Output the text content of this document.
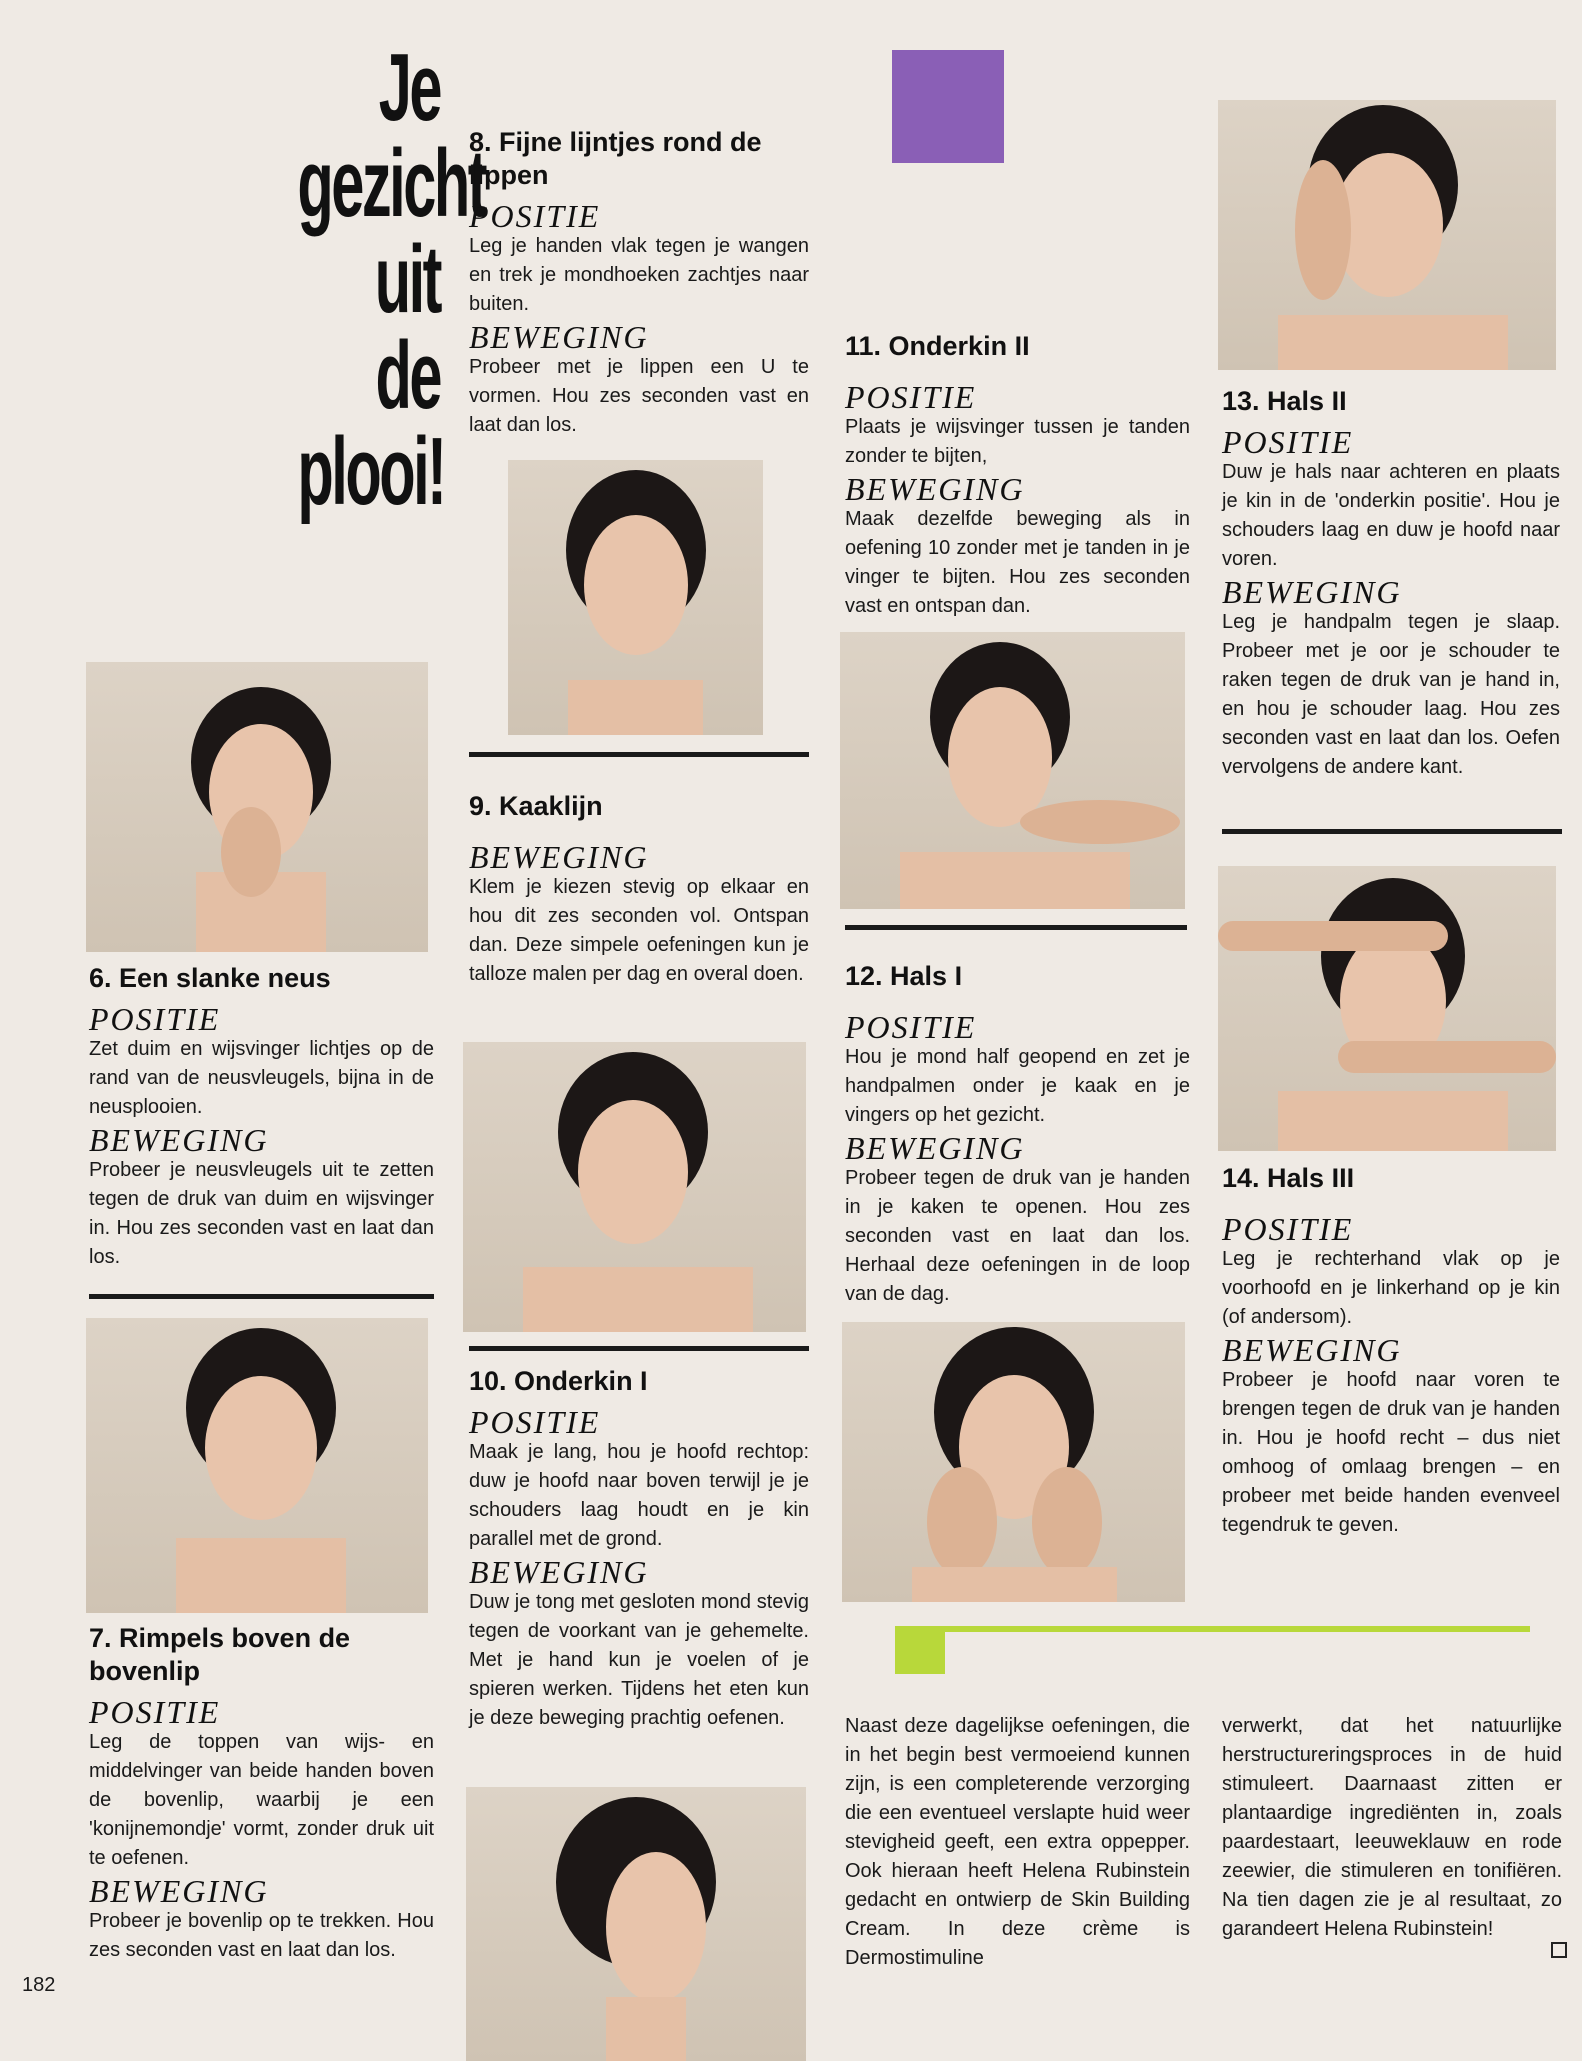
Je
gezicht
uit de
plooi!
6. Een slanke neus
POSITIE

Zet duim en wijsvinger lichtjes op de rand van de neusvleugels, bijna in de neusplooien.

BEWEGING

Probeer je neusvleugels uit te zetten tegen de druk van duim en wijsvinger in. Hou zes seconden vast en laat dan los.

7. Rimpels boven de bovenlip
POSITIE

Leg de toppen van wijs- en middelvinger van beide handen boven de bovenlip, waarbij je een 'konijnemondje' vormt, zonder druk uit te oefenen.

BEWEGING

Probeer je bovenlip op te trekken. Hou zes seconden vast en laat dan los.

182
8. Fijne lijntjes rond de lippen
POSITIE

Leg je handen vlak tegen je wangen en trek je mondhoeken zachtjes naar buiten.

BEWEGING

Probeer met je lippen een U te vormen. Hou zes seconden vast en laat dan los.

9. Kaaklijn
BEWEGING

Klem je kiezen stevig op elkaar en hou dit zes seconden vol. Ontspan dan. Deze simpele oefeningen kun je talloze malen per dag en overal doen.

10. Onderkin I
POSITIE

Maak je lang, hou je hoofd rechtop: duw je hoofd naar boven terwijl je je schouders laag houdt en je kin parallel met de grond.

BEWEGING

Duw je tong met gesloten mond stevig tegen de voorkant van je gehemelte. Met je hand kun je voelen of je spieren werken. Tijdens het eten kun je deze beweging prachtig oefenen.

11. Onderkin II
POSITIE

Plaats je wijsvinger tussen je tanden zonder te bijten,

BEWEGING

Maak dezelfde beweging als in oefening 10 zonder met je tanden in je vinger te bijten. Hou zes seconden vast en ontspan dan.

12. Hals I
POSITIE

Hou je mond half geopend en zet je handpalmen onder je kaak en je vingers op het gezicht.

BEWEGING

Probeer tegen de druk van je handen in je kaken te openen. Hou zes seconden vast en laat dan los. Herhaal deze oefeningen in de loop van de dag.

Naast deze dagelijkse oefeningen, die in het begin best vermoeiend kunnen zijn, is een completerende verzorging die een eventueel verslapte huid weer stevigheid geeft, een extra oppepper. Ook hieraan heeft Helena Rubinstein gedacht en ontwierp de Skin Building Cream. In deze crème is Dermostimuline

13. Hals II
POSITIE

Duw je hals naar achteren en plaats je kin in de 'onderkin positie'. Hou je schouders laag en duw je hoofd naar voren.

BEWEGING

Leg je handpalm tegen je slaap. Probeer met je oor je schouder te raken tegen de druk van je hand in, en hou je schouder laag. Hou zes seconden vast en laat dan los. Oefen vervolgens de andere kant.

14. Hals III
POSITIE

Leg je rechterhand vlak op je voorhoofd en je linkerhand op je kin (of andersom).

BEWEGING

Probeer je hoofd naar voren te brengen tegen de druk van je handen in. Hou je hoofd recht – dus niet omhoog of omlaag brengen – en probeer met beide handen evenveel tegendruk te geven.

verwerkt, dat het natuurlijke herstructureringsproces in de huid stimuleert. Daarnaast zitten er plantaardige ingrediënten in, zoals paardestaart, leeuweklauw en rode zeewier, die stimuleren en tonifiëren. Na tien dagen zie je al resultaat, zo garandeert Helena Rubinstein!
